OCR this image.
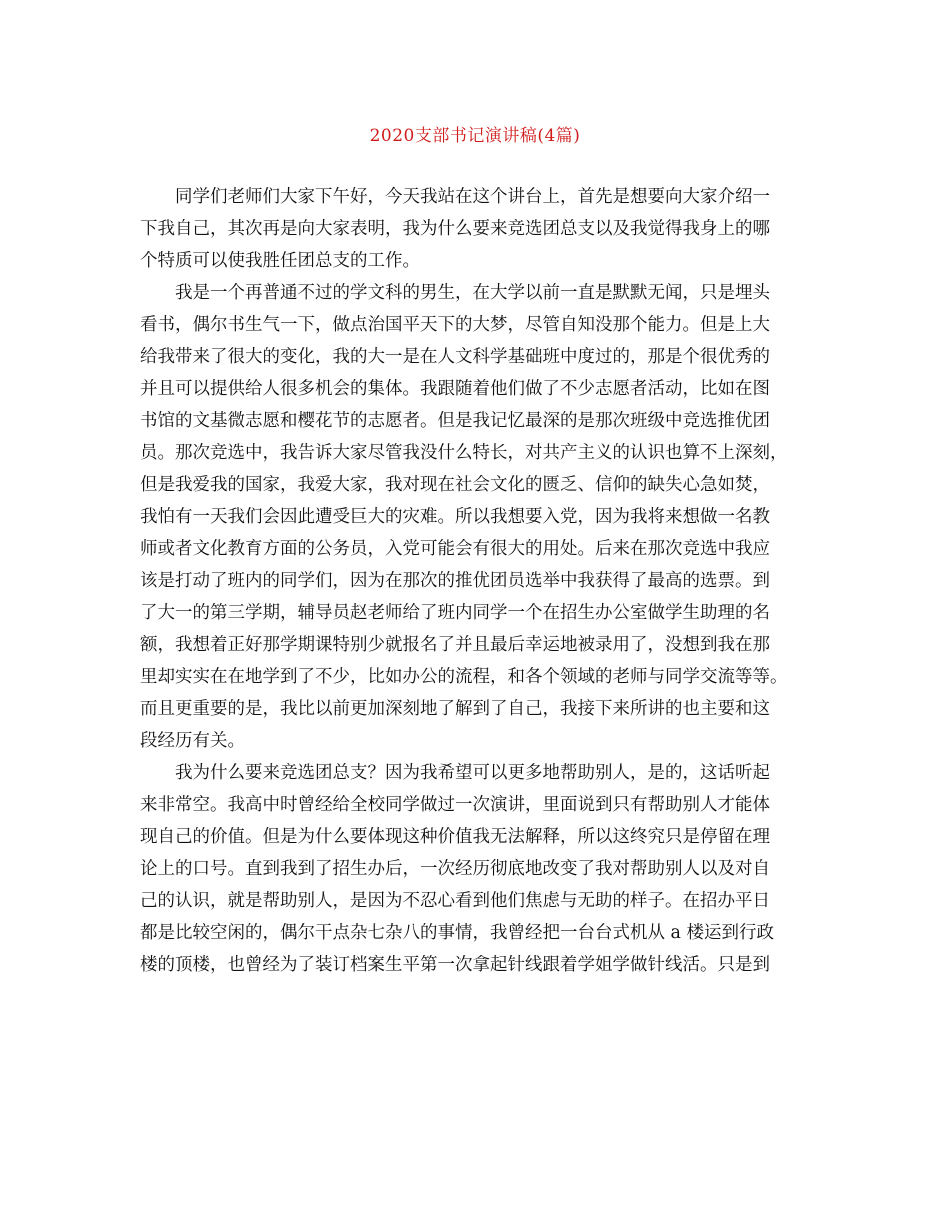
2020支部书记演讲稿(4篇)
同学们老师们大家下午好，今天我站在这个讲台上，首先是想要向大家介绍一
下我自己，其次再是向大家表明，我为什么要来竞选团总支以及我觉得我身上的哪
个特质可以使我胜任团总支的工作。
我是一个再普通不过的学文科的男生，在大学以前一直是默默无闻，只是埋头
看书，偶尔书生气一下，做点治国平天下的大梦，尽管自知没那个能力。但是上大
给我带来了很大的变化，我的大一是在人文科学基础班中度过的，那是个很优秀的
并且可以提供给人很多机会的集体。我跟随着他们做了不少志愿者活动，比如在图
书馆的文基微志愿和樱花节的志愿者。但是我记忆最深的是那次班级中竞选推优团
员。那次竞选中，我告诉大家尽管我没什么特长，对共产主义的认识也算不上深刻，
但是我爱我的国家，我爱大家，我对现在社会文化的匮乏、信仰的缺失心急如焚，
我怕有一天我们会因此遭受巨大的灾难。所以我想要入党，因为我将来想做一名教
师或者文化教育方面的公务员，入党可能会有很大的用处。后来在那次竞选中我应
该是打动了班内的同学们，因为在那次的推优团员选举中我获得了最高的选票。到
了大一的第三学期，辅导员赵老师给了班内同学一个在招生办公室做学生助理的名
额，我想着正好那学期课特别少就报名了并且最后幸运地被录用了，没想到我在那
里却实实在在地学到了不少，比如办公的流程，和各个领域的老师与同学交流等等。
而且更重要的是，我比以前更加深刻地了解到了自己，我接下来所讲的也主要和这
段经历有关。
我为什么要来竞选团总支？因为我希望可以更多地帮助别人，是的，这话听起
来非常空。我高中时曾经给全校同学做过一次演讲，里面说到只有帮助别人才能体
现自己的价值。但是为什么要体现这种价值我无法解释，所以这终究只是停留在理
论上的口号。直到我到了招生办后，一次经历彻底地改变了我对帮助别人以及对自
己的认识，就是帮助别人，是因为不忍心看到他们焦虑与无助的样子。在招办平日
都是比较空闲的，偶尔干点杂七杂八的事情，我曾经把一台台式机从 a 楼运到行政
楼的顶楼，也曾经为了装订档案生平第一次拿起针线跟着学姐学做针线活。只是到
